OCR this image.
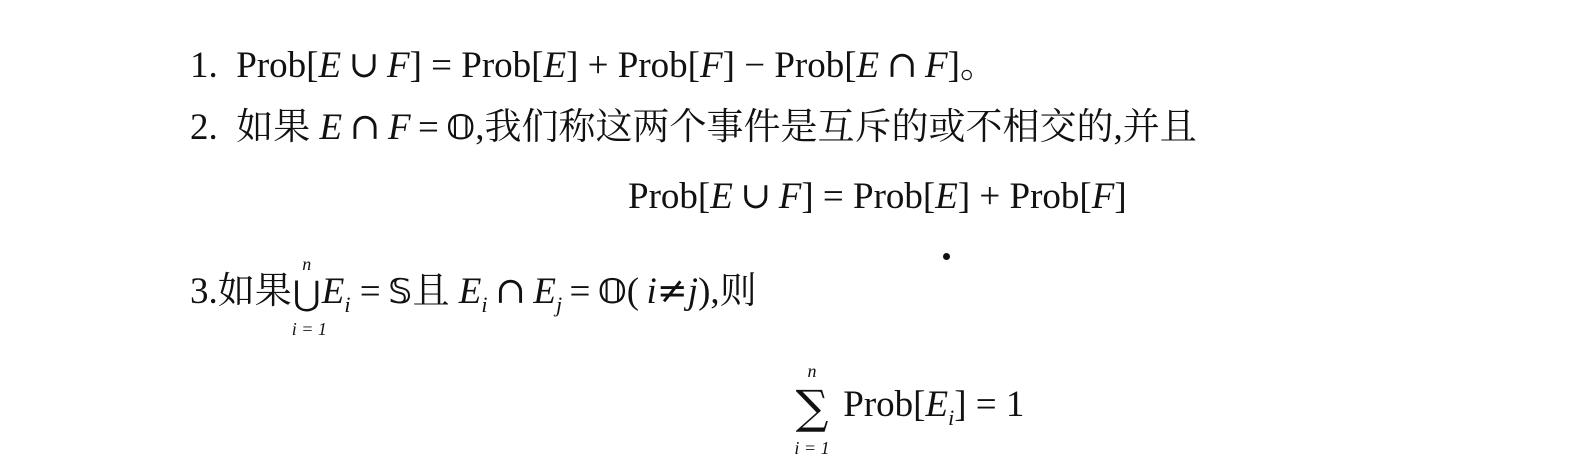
1. Prob[E  ∪  F] = Prob[E] + Prob[F] − Prob[E  ∩  F]。
2. 如果 E  ∩  F  =  𝕆,我们称这两个事件是互斥的或不相交的,并且
Prob[E  ∪  F] = Prob[E] + Prob[F]
3.如果
n
⋃
i = 1
$E_i$ =  𝕊且 $E_i$  ∩  $E_j$  =  𝕆(  i≠j),则
n
∑
i = 1
$Prob[E_i] = 1$
